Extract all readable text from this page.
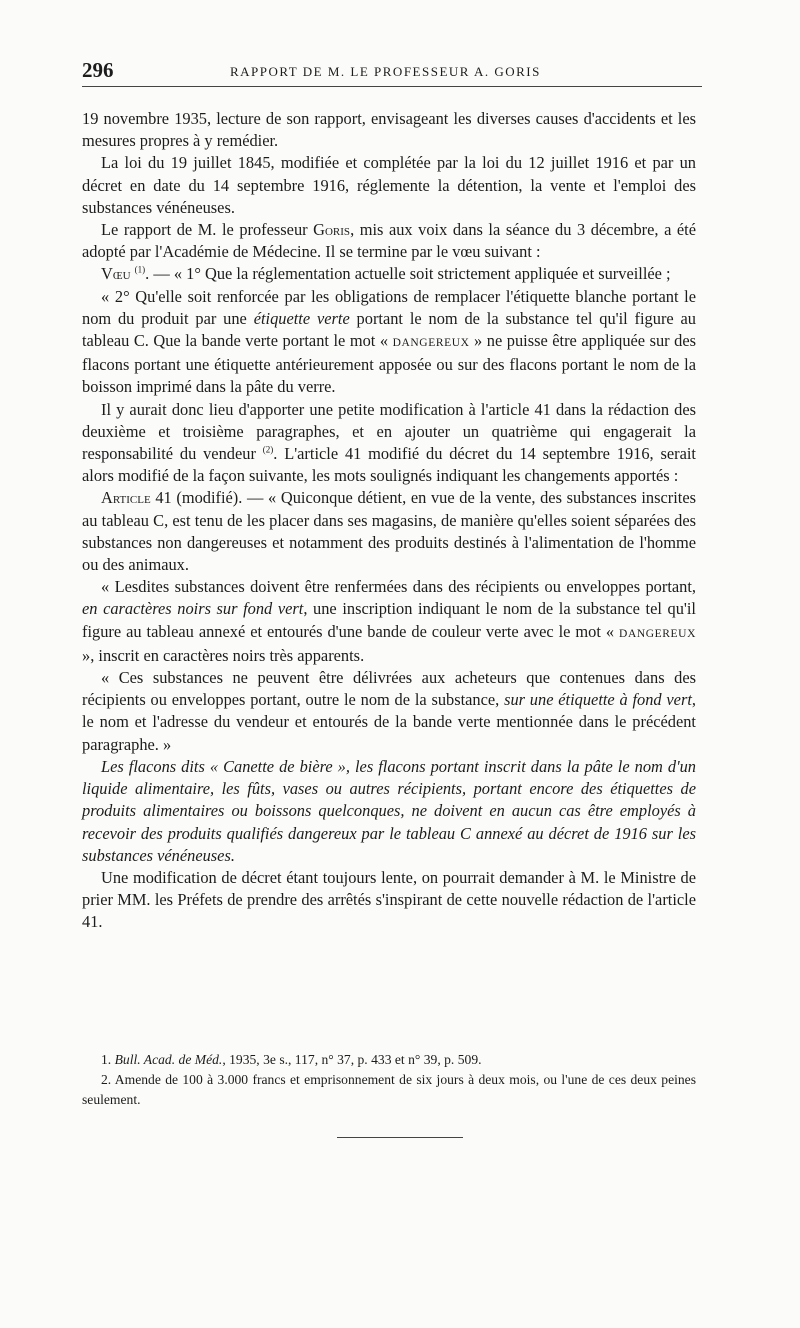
296	RAPPORT DE M. LE PROFESSEUR A. GORIS

19 novembre 1935, lecture de son rapport, envisageant les diverses causes d'accidents et les mesures propres à y remédier.

La loi du 19 juillet 1845, modifiée et complétée par la loi du 12 juillet 1916 et par un décret en date du 14 septembre 1916, réglemente la détention, la vente et l'emploi des substances vénéneuses.

Le rapport de M. le professeur Goris, mis aux voix dans la séance du 3 décembre, a été adopté par l'Académie de Médecine. Il se termine par le vœu suivant :

Vœu $^{(1)}$. — « 1° Que la réglementation actuelle soit strictement appliquée et surveillée ;

« 2° Qu'elle soit renforcée par les obligations de remplacer l'étiquette blanche portant le nom du produit par une étiquette verte portant le nom de la substance tel qu'il figure au tableau C. Que la bande verte portant le mot « DANGEREUX » ne puisse être appliquée sur des flacons portant une étiquette antérieurement apposée ou sur des flacons portant le nom de la boisson imprimé dans la pâte du verre.

Il y aurait donc lieu d'apporter une petite modification à l'article 41 dans la rédaction des deuxième et troisième paragraphes, et en ajouter un quatrième qui engagerait la responsabilité du vendeur $^{(2)}$. L'article 41 modifié du décret du 14 septembre 1916, serait alors modifié de la façon suivante, les mots soulignés indiquant les changements apportés :

Article 41 (modifié). — « Quiconque détient, en vue de la vente, des substances inscrites au tableau C, est tenu de les placer dans ses magasins, de manière qu'elles soient séparées des substances non dangereuses et notamment des produits destinés à l'alimentation de l'homme ou des animaux.

« Lesdites substances doivent être renfermées dans des récipients ou enveloppes portant, en caractères noirs sur fond vert, une inscription indiquant le nom de la substance tel qu'il figure au tableau annexé et entourés d'une bande de couleur verte avec le mot « DANGEREUX », inscrit en caractères noirs très apparents.

« Ces substances ne peuvent être délivrées aux acheteurs que contenues dans des récipients ou enveloppes portant, outre le nom de la substance, sur une étiquette à fond vert, le nom et l'adresse du vendeur et entourés de la bande verte mentionnée dans le précédent paragraphe. »

Les flacons dits « Canette de bière », les flacons portant inscrit dans la pâte le nom d'un liquide alimentaire, les fûts, vases ou autres récipients, portant encore des étiquettes de produits alimentaires ou boissons quelconques, ne doivent en aucun cas être employés à recevoir des produits qualifiés dangereux par le tableau C annexé au décret de 1916 sur les substances vénéneuses.

Une modification de décret étant toujours lente, on pourrait demander à M. le Ministre de prier MM. les Préfets de prendre des arrêtés s'inspirant de cette nouvelle rédaction de l'article 41.

1. Bull. Acad. de Méd., 1935, 3e s., 117, n° 37, p. 433 et n° 39, p. 509.

2. Amende de 100 à 3.000 francs et emprisonnement de six jours à deux mois, ou l'une de ces deux peines seulement.
